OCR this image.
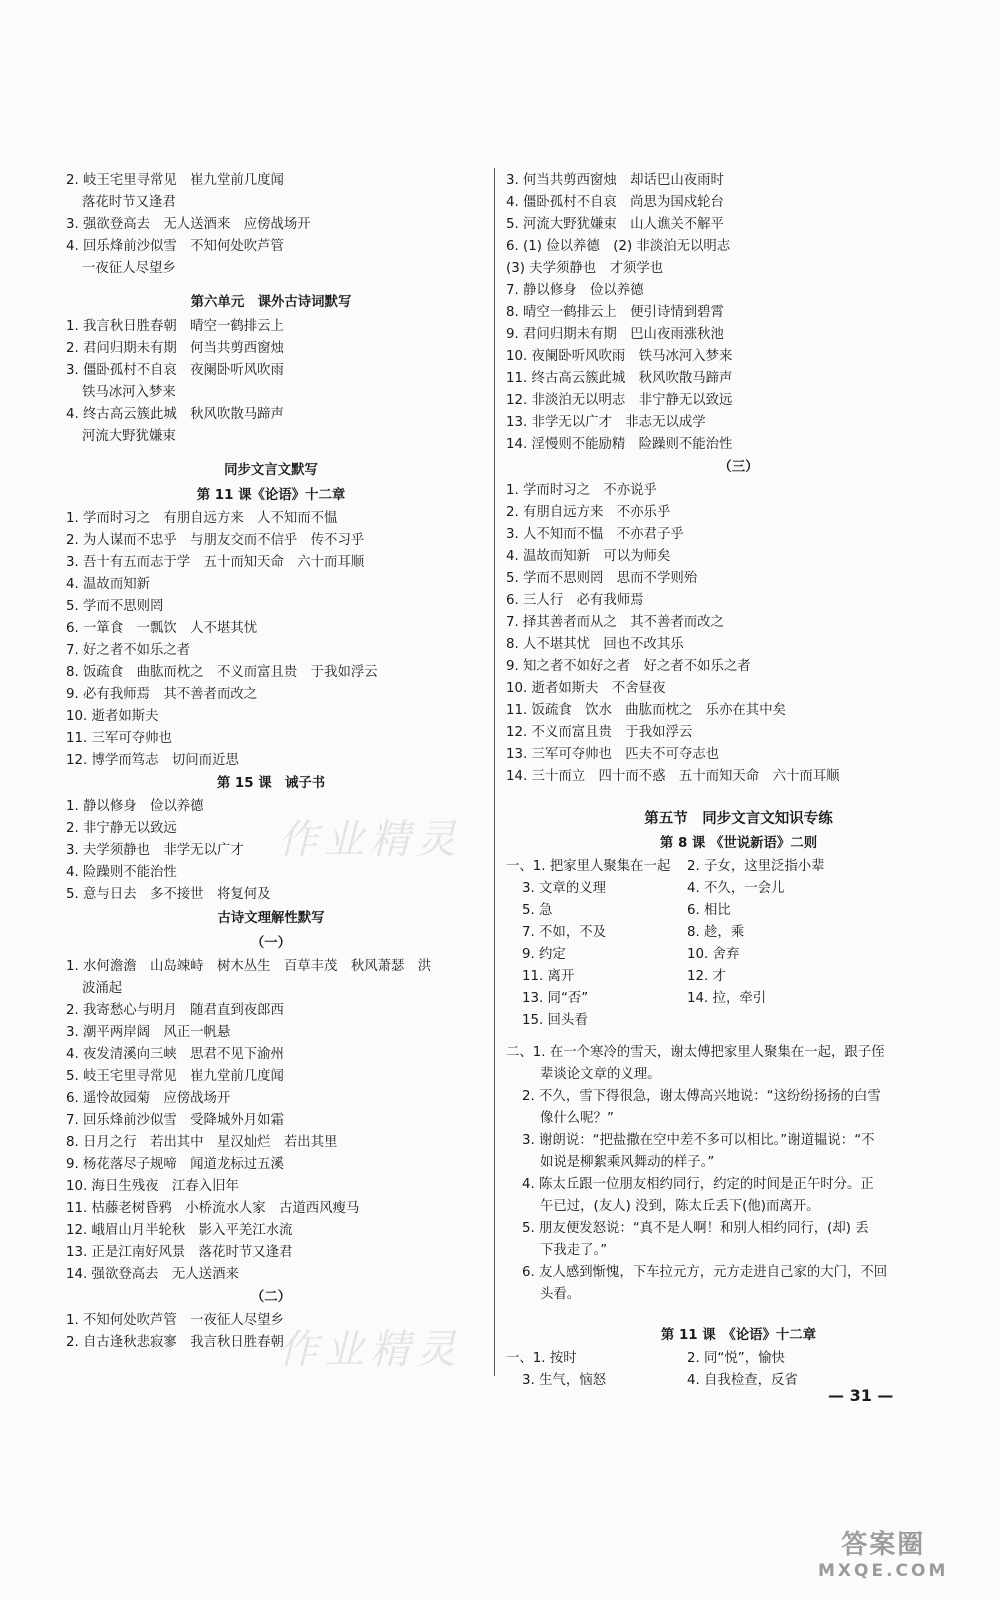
2. 岐王宅里寻常见　崔九堂前几度闻
落花时节又逢君
3. 强欲登高去　无人送酒来　应傍战场开
4. 回乐烽前沙似雪　不知何处吹芦管
一夜征人尽望乡
第六单元　课外古诗词默写
1. 我言秋日胜春朝　晴空一鹤排云上
2. 君问归期未有期　何当共剪西窗烛
3. 僵卧孤村不自哀　夜阑卧听风吹雨
铁马冰河入梦来
4. 终古高云簇此城　秋风吹散马蹄声
河流大野犹嫌束
同步文言文默写
第 11 课《论语》十二章
1. 学而时习之　有朋自远方来　人不知而不愠
2. 为人谋而不忠乎　与朋友交而不信乎　传不习乎
3. 吾十有五而志于学　五十而知天命　六十而耳顺
4. 温故而知新
5. 学而不思则罔
6. 一箪食　一瓢饮　人不堪其忧
7. 好之者不如乐之者
8. 饭疏食　曲肱而枕之　不义而富且贵　于我如浮云
9. 必有我师焉　其不善者而改之
10. 逝者如斯夫
11. 三军可夺帅也
12. 博学而笃志　切问而近思
第 15 课　诫子书
1. 静以修身　俭以养德
2. 非宁静无以致远
3. 夫学须静也　非学无以广才
4. 险躁则不能治性
5. 意与日去　多不接世　将复何及
古诗文理解性默写
（一）
1. 水何澹澹　山岛竦峙　树木丛生　百草丰茂　秋风萧瑟　洪
波涌起
2. 我寄愁心与明月　随君直到夜郎西
3. 潮平两岸阔　风正一帆悬
4. 夜发清溪向三峡　思君不见下渝州
5. 岐王宅里寻常见　崔九堂前几度闻
6. 遥怜故园菊　应傍战场开
7. 回乐烽前沙似雪　受降城外月如霜
8. 日月之行　若出其中　星汉灿烂　若出其里
9. 杨花落尽子规啼　闻道龙标过五溪
10. 海日生残夜　江春入旧年
11. 枯藤老树昏鸦　小桥流水人家　古道西风瘦马
12. 峨眉山月半轮秋　影入平羌江水流
13. 正是江南好风景　落花时节又逢君
14. 强欲登高去　无人送酒来
（二）
1. 不知何处吹芦管　一夜征人尽望乡
2. 自古逢秋悲寂寥　我言秋日胜春朝
3. 何当共剪西窗烛　却话巴山夜雨时
4. 僵卧孤村不自哀　尚思为国戍轮台
5. 河流大野犹嫌束　山人谯关不解平
6. (1) 俭以养德　(2) 非淡泊无以明志
(3) 夫学须静也　才须学也
7. 静以修身　俭以养德
8. 晴空一鹤排云上　便引诗情到碧霄
9. 君问归期未有期　巴山夜雨涨秋池
10. 夜阑卧听风吹雨　铁马冰河入梦来
11. 终古高云簇此城　秋风吹散马蹄声
12. 非淡泊无以明志　非宁静无以致远
13. 非学无以广才　非志无以成学
14. 淫慢则不能励精　险躁则不能治性
（三）
1. 学而时习之　不亦说乎
2. 有朋自远方来　不亦乐乎
3. 人不知而不愠　不亦君子乎
4. 温故而知新　可以为师矣
5. 学而不思则罔　思而不学则殆
6. 三人行　必有我师焉
7. 择其善者而从之　其不善者而改之
8. 人不堪其忧　回也不改其乐
9. 知之者不如好之者　好之者不如乐之者
10. 逝者如斯夫　不舍昼夜
11. 饭疏食　饮水　曲肱而枕之　乐亦在其中矣
12. 不义而富且贵　于我如浮云
13. 三军可夺帅也　匹夫不可夺志也
14. 三十而立　四十而不惑　五十而知天命　六十而耳顺
第五节　同步文言文知识专练
第 8 课 《世说新语》二则
一、1. 把家里人聚集在一起	2. 子女，这里泛指小辈
3. 文章的义理	4. 不久，一会儿
5. 急	6. 相比
7. 不如，不及	8. 趁，乘
9. 约定	10. 舍弃
11. 离开	12. 才
13. 同“否”	14. 拉，牵引
15. 回头看
二、1. 在一个寒冷的雪天，谢太傅把家里人聚集在一起，跟子侄
辈谈论文章的义理。
2. 不久，雪下得很急，谢太傅高兴地说：“这纷纷扬扬的白雪
像什么呢？”
3. 谢朗说：“把盐撒在空中差不多可以相比。”谢道韫说：“不
如说是柳絮乘风舞动的样子。”
4. 陈太丘跟一位朋友相约同行，约定的时间是正午时分。正
午已过，(友人) 没到，陈太丘丢下(他)而离开。
5. 朋友便发怒说：“真不是人啊！和别人相约同行，(却) 丢
下我走了。”
6. 友人感到惭愧，下车拉元方，元方走进自己家的大门，不回
头看。
第 11 课　《论语》十二章
一、1. 按时	2. 同“悦”，愉快
3. 生气，恼怒	4. 自我检查，反省
作业精灵
作业精灵
— 31 —
答案圈
MXQE.COM
